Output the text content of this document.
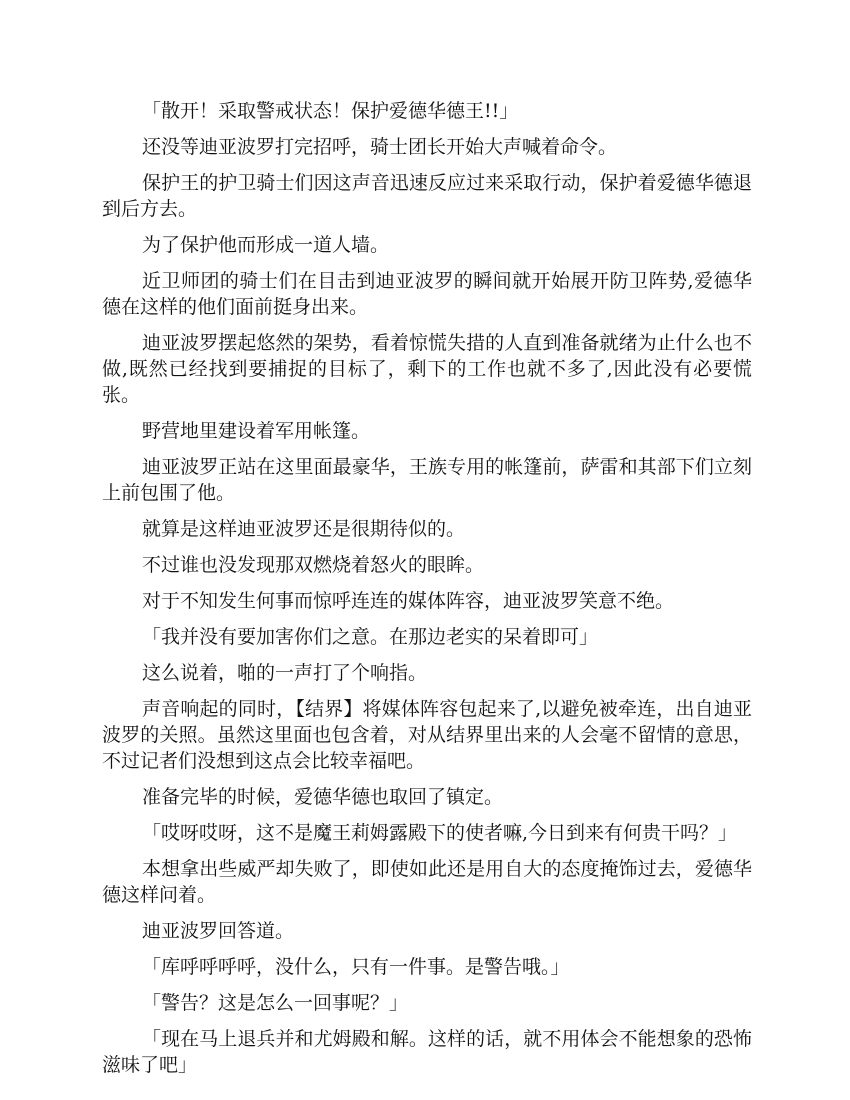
「散开！采取警戒状态！保护爱德华德王!!」

还没等迪亚波罗打完招呼，骑士团长开始大声喊着命令。

保护王的护卫骑士们因这声音迅速反应过来采取行动，保护着爱德华德退到后方去。

为了保护他而形成一道人墙。

近卫师团的骑士们在目击到迪亚波罗的瞬间就开始展开防卫阵势,爱德华德在这样的他们面前挺身出来。

迪亚波罗摆起悠然的架势，看着惊慌失措的人直到准备就绪为止什么也不做,既然已经找到要捕捉的目标了，剩下的工作也就不多了,因此没有必要慌张。

野营地里建设着军用帐篷。

迪亚波罗正站在这里面最豪华，王族专用的帐篷前，萨雷和其部下们立刻上前包围了他。

就算是这样迪亚波罗还是很期待似的。

不过谁也没发现那双燃烧着怒火的眼眸。

对于不知发生何事而惊呼连连的媒体阵容，迪亚波罗笑意不绝。

「我并没有要加害你们之意。在那边老实的呆着即可」

这么说着，啪的一声打了个响指。

声音响起的同时，【结界】将媒体阵容包起来了,以避免被牵连，出自迪亚波罗的关照。虽然这里面也包含着，对从结界里出来的人会毫不留情的意思，不过记者们没想到这点会比较幸福吧。

准备完毕的时候，爱德华德也取回了镇定。

「哎呀哎呀，这不是魔王莉姆露殿下的使者嘛,今日到来有何贵干吗？」

本想拿出些威严却失败了，即使如此还是用自大的态度掩饰过去，爱德华德这样问着。

迪亚波罗回答道。

「库呼呼呼呼，没什么，只有一件事。是警告哦。」

「警告？这是怎么一回事呢？」

「现在马上退兵并和尤姆殿和解。这样的话，就不用体会不能想象的恐怖滋味了吧」
